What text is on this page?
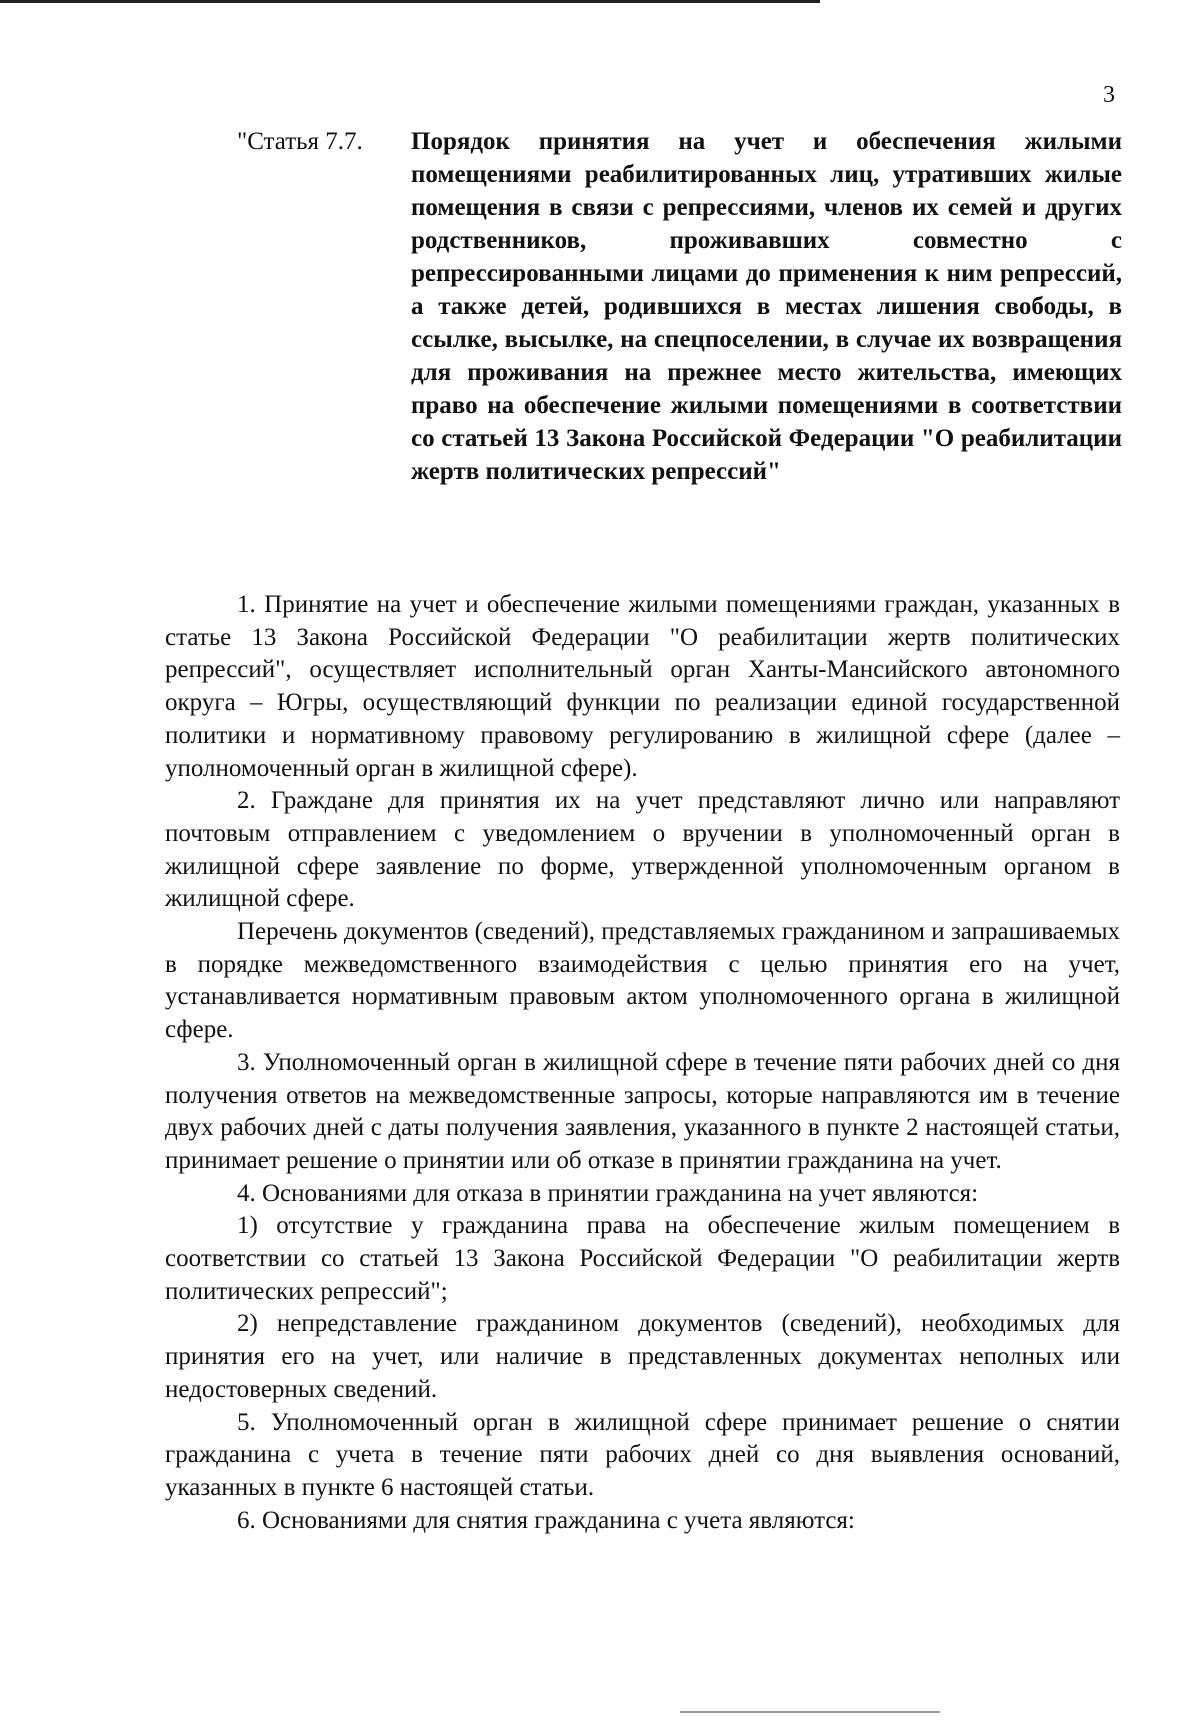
3
"Статья 7.7. Порядок принятия на учет и обеспечения жилыми помещениями реабилитированных лиц, утративших жилые помещения в связи с репрессиями, членов их семей и других родственников, проживавших совместно с репрессированными лицами до применения к ним репрессий, а также детей, родившихся в местах лишения свободы, в ссылке, высылке, на спецпоселении, в случае их возвращения для проживания на прежнее место жительства, имеющих право на обеспечение жилыми помещениями в соответствии со статьей 13 Закона Российской Федерации "О реабилитации жертв политических репрессий"

1. Принятие на учет и обеспечение жилыми помещениями граждан, указанных в статье 13 Закона Российской Федерации "О реабилитации жертв политических репрессий", осуществляет исполнительный орган Ханты-Мансийского автономного округа – Югры, осуществляющий функции по реализации единой государственной политики и нормативному правовому регулированию в жилищной сфере (далее – уполномоченный орган в жилищной сфере).

2. Граждане для принятия их на учет представляют лично или направляют почтовым отправлением с уведомлением о вручении в уполномоченный орган в жилищной сфере заявление по форме, утвержденной уполномоченным органом в жилищной сфере.

Перечень документов (сведений), представляемых гражданином и запрашиваемых в порядке межведомственного взаимодействия с целью принятия его на учет, устанавливается нормативным правовым актом уполномоченного органа в жилищной сфере.

3. Уполномоченный орган в жилищной сфере в течение пяти рабочих дней со дня получения ответов на межведомственные запросы, которые направляются им в течение двух рабочих дней с даты получения заявления, указанного в пункте 2 настоящей статьи, принимает решение о принятии или об отказе в принятии гражданина на учет.

4. Основаниями для отказа в принятии гражданина на учет являются:

1) отсутствие у гражданина права на обеспечение жилым помещением в соответствии со статьей 13 Закона Российской Федерации "О реабилитации жертв политических репрессий";

2) непредставление гражданином документов (сведений), необходимых для принятия его на учет, или наличие в представленных документах неполных или недостоверных сведений.

5. Уполномоченный орган в жилищной сфере принимает решение о снятии гражданина с учета в течение пяти рабочих дней со дня выявления оснований, указанных в пункте 6 настоящей статьи.

6. Основаниями для снятия гражданина с учета являются:
